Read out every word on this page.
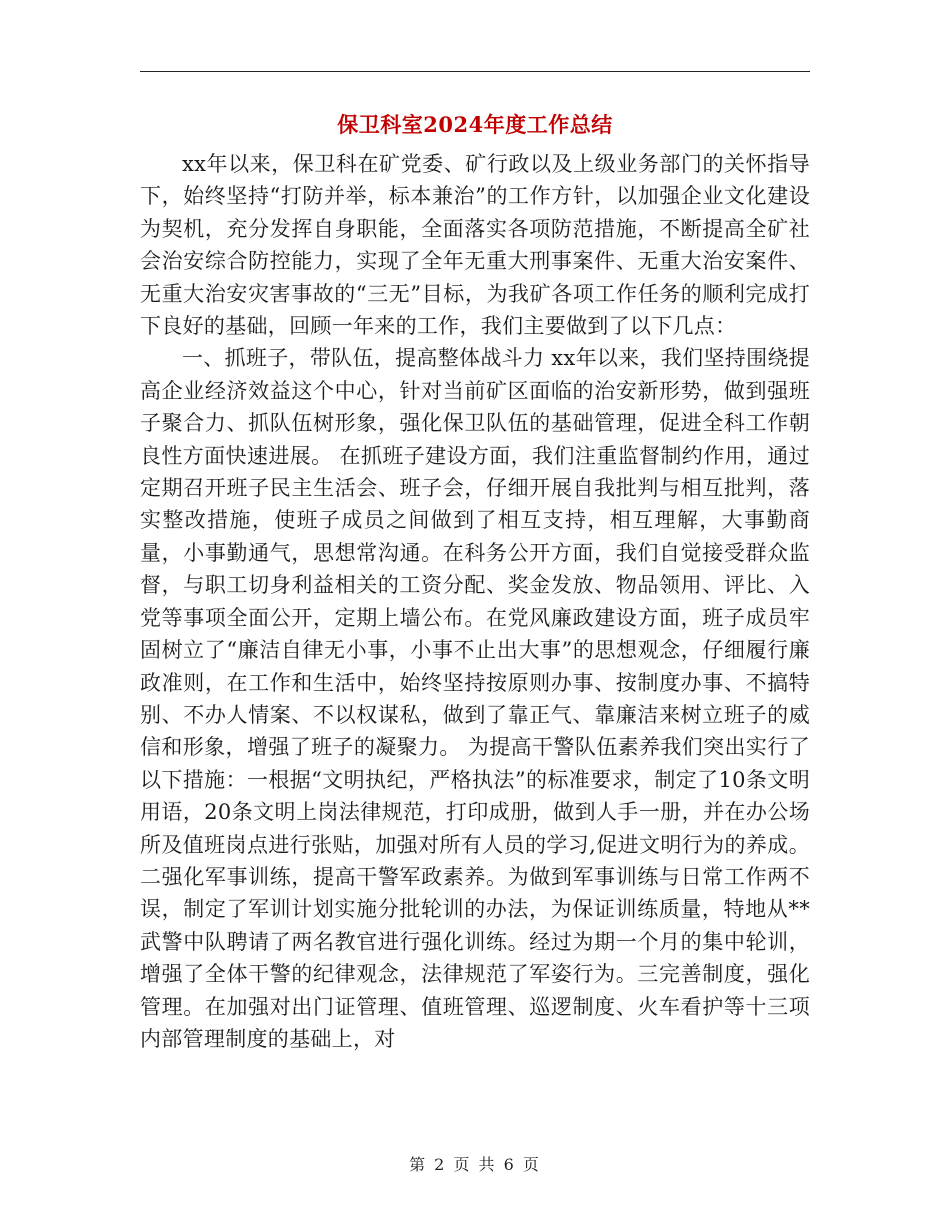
保卫科室2024年度工作总结

xx年以来，保卫科在矿党委、矿行政以及上级业务部门的关怀指导下，始终坚持“打防并举，标本兼治”的工作方针，以加强企业文化建设为契机，充分发挥自身职能，全面落实各项防范措施，不断提高全矿社会治安综合防控能力，实现了全年无重大刑事案件、无重大治安案件、无重大治安灾害事故的“三无”目标，为我矿各项工作任务的顺利完成打下良好的基础，回顾一年来的工作，我们主要做到了以下几点：

一、抓班子，带队伍，提高整体战斗力 xx年以来，我们坚持围绕提高企业经济效益这个中心，针对当前矿区面临的治安新形势，做到强班子聚合力、抓队伍树形象，强化保卫队伍的基础管理，促进全科工作朝良性方面快速进展。 在抓班子建设方面，我们注重监督制约作用，通过定期召开班子民主生活会、班子会，仔细开展自我批判与相互批判，落实整改措施，使班子成员之间做到了相互支持，相互理解，大事勤商量，小事勤通气，思想常沟通。在科务公开方面，我们自觉接受群众监督，与职工切身利益相关的工资分配、奖金发放、物品领用、评比、入党等事项全面公开，定期上墙公布。在党风廉政建设方面，班子成员牢固树立了“廉洁自律无小事，小事不止出大事”的思想观念，仔细履行廉政准则，在工作和生活中，始终坚持按原则办事、按制度办事、不搞特别、不办人情案、不以权谋私，做到了靠正气、靠廉洁来树立班子的威信和形象，增强了班子的凝聚力。 为提高干警队伍素养我们突出实行了以下措施：一根据“文明执纪，严格执法”的标准要求，制定了10条文明用语，20条文明上岗法律规范，打印成册，做到人手一册，并在办公场所及值班岗点进行张贴，加强对所有人员的学习,促进文明行为的养成。二强化军事训练，提高干警军政素养。为做到军事训练与日常工作两不误，制定了军训计划实施分批轮训的办法，为保证训练质量，特地从**武警中队聘请了两名教官进行强化训练。经过为期一个月的集中轮训，增强了全体干警的纪律观念，法律规范了军姿行为。三完善制度，强化管理。在加强对出门证管理、值班管理、巡逻制度、火车看护等十三项内部管理制度的基础上，对

第 2 页 共 6 页
